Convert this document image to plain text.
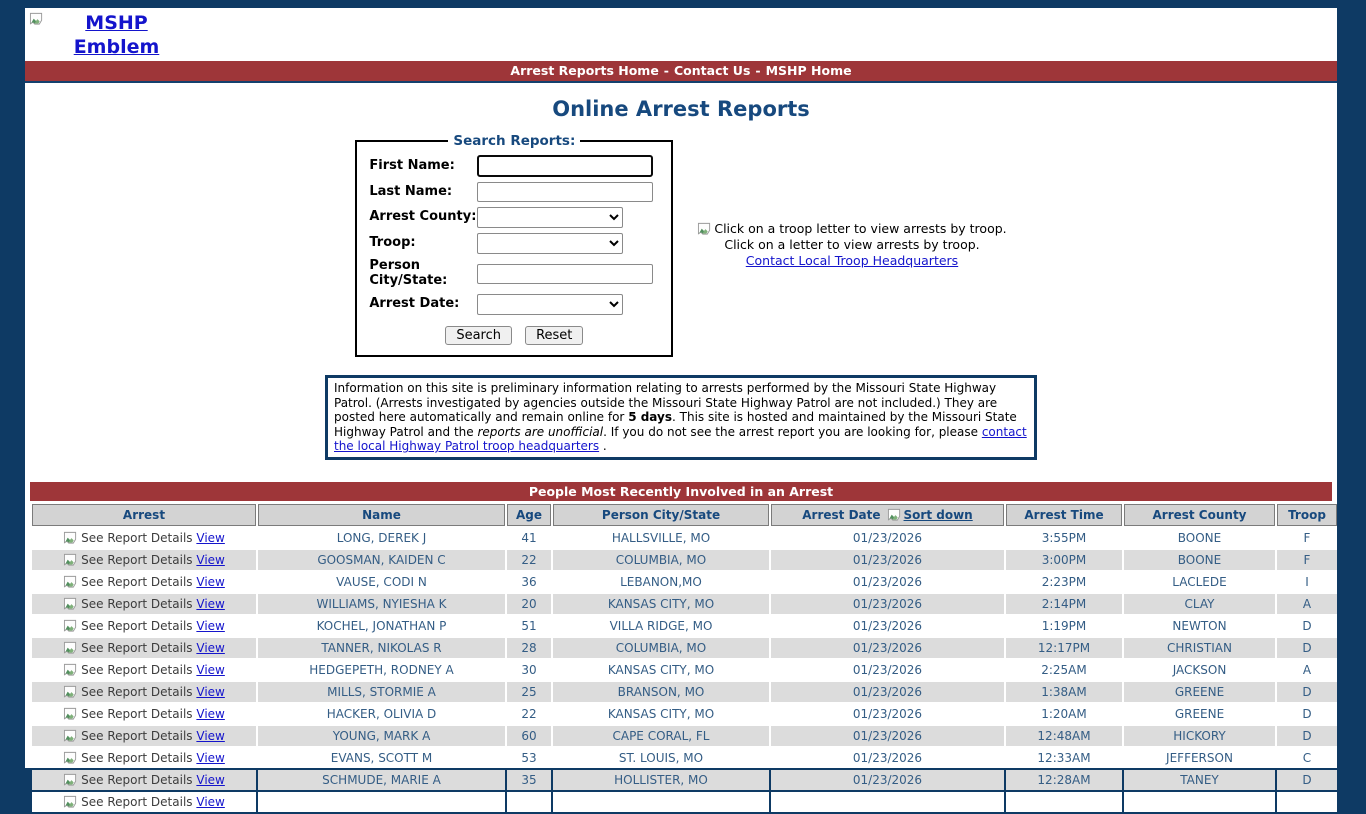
MSHP Emblem
Arrest Reports Home - Contact Us - MSHP Home
Online Arrest Reports
Search Reports:
First Name:
Last Name:
Arrest County:
Troop:
Person City/State:
Arrest Date:
Search	Reset
Click on a troop letter to view arrests by troop.
Click on a letter to view arrests by troop.
Contact Local Troop Headquarters
Information on this site is preliminary information relating to arrests performed by the Missouri State Highway Patrol. (Arrests investigated by agencies outside the Missouri State Highway Patrol are not included.) They are posted here automatically and remain online for 5 days. This site is hosted and maintained by the Missouri State Highway Patrol and the reports are unofficial. If you do not see the arrest report you are looking for, please contact the local Highway Patrol troop headquarters .
People Most Recently Involved in an Arrest
Arrest	Name	Age	Person City/State	Arrest Date Sort down	Arrest Time	Arrest County	Troop
See Report Details View	LONG, DEREK J	41	HALLSVILLE, MO	01/23/2026	3:55PM	BOONE	F
See Report Details View	GOOSMAN, KAIDEN C	22	COLUMBIA, MO	01/23/2026	3:00PM	BOONE	F
See Report Details View	VAUSE, CODI N	36	LEBANON,MO	01/23/2026	2:23PM	LACLEDE	I
See Report Details View	WILLIAMS, NYIESHA K	20	KANSAS CITY, MO	01/23/2026	2:14PM	CLAY	A
See Report Details View	KOCHEL, JONATHAN P	51	VILLA RIDGE, MO	01/23/2026	1:19PM	NEWTON	D
See Report Details View	TANNER, NIKOLAS R	28	COLUMBIA, MO	01/23/2026	12:17PM	CHRISTIAN	D
See Report Details View	HEDGEPETH, RODNEY A	30	KANSAS CITY, MO	01/23/2026	2:25AM	JACKSON	A
See Report Details View	MILLS, STORMIE A	25	BRANSON, MO	01/23/2026	1:38AM	GREENE	D
See Report Details View	HACKER, OLIVIA D	22	KANSAS CITY, MO	01/23/2026	1:20AM	GREENE	D
See Report Details View	YOUNG, MARK A	60	CAPE CORAL, FL	01/23/2026	12:48AM	HICKORY	D
See Report Details View	EVANS, SCOTT M	53	ST. LOUIS, MO	01/23/2026	12:33AM	JEFFERSON	C
See Report Details View	SCHMUDE, MARIE A	35	HOLLISTER, MO	01/23/2026	12:28AM	TANEY	D
See Report Details View							
